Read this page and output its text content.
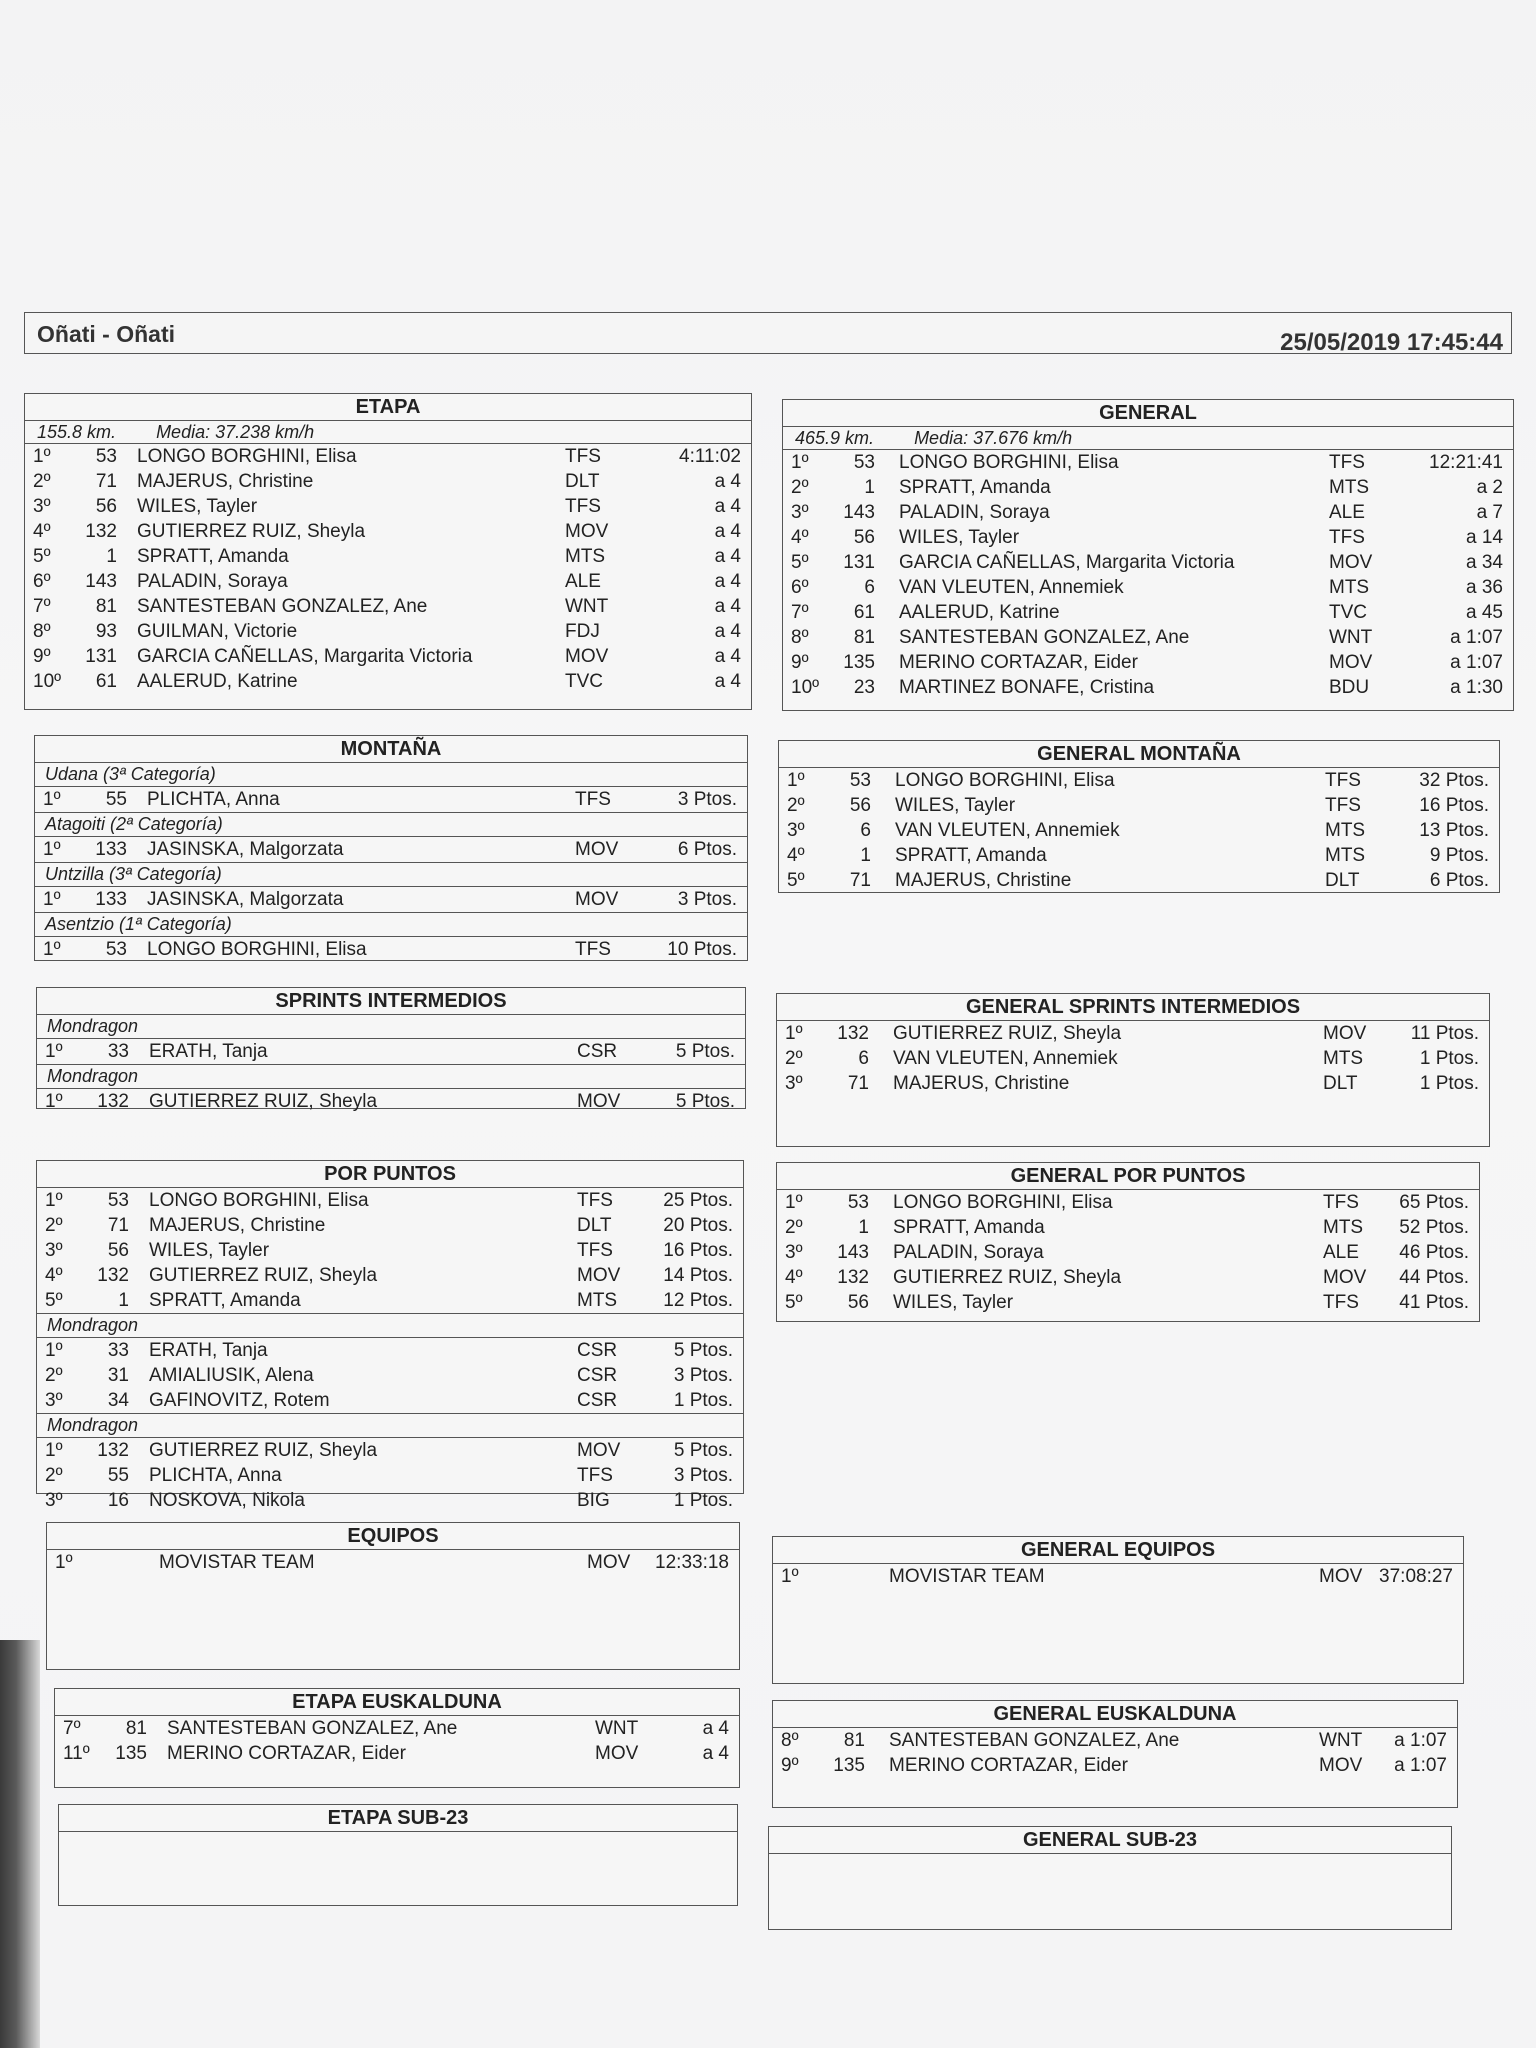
Oñati - Oñati	25/05/2019 17:45:44
ETAPA
155.8 km. Media: 37.238 km/h
1º	53 LONGO BORGHINI, Elisa	TFS	4:11:02
2º	71 MAJERUS, Christine	DLT	a 4
3º	56 WILES, Tayler	TFS	a 4
4º	132 GUTIERREZ RUIZ, Sheyla	MOV	a 4
5º	1 SPRATT, Amanda	MTS	a 4
6º	143 PALADIN, Soraya	ALE	a 4
7º	81 SANTESTEBAN GONZALEZ, Ane	WNT	a 4
8º	93 GUILMAN, Victorie	FDJ	a 4
9º	131 GARCIA CAÑELLAS, Margarita Victoria	MOV	a 4
10º	61 AALERUD, Katrine	TVC	a 4
GENERAL
465.9 km. Media: 37.676 km/h
1º	53 LONGO BORGHINI, Elisa	TFS	12:21:41
2º	1 SPRATT, Amanda	MTS	a 2
3º	143 PALADIN, Soraya	ALE	a 7
4º	56 WILES, Tayler	TFS	a 14
5º	131 GARCIA CAÑELLAS, Margarita Victoria	MOV	a 34
6º	6 VAN VLEUTEN, Annemiek	MTS	a 36
7º	61 AALERUD, Katrine	TVC	a 45
8º	81 SANTESTEBAN GONZALEZ, Ane	WNT	a 1:07
9º	135 MERINO CORTAZAR, Eider	MOV	a 1:07
10º	23 MARTINEZ BONAFE, Cristina	BDU	a 1:30
MONTAÑA
Udana (3ª Categoría)
1º	55 PLICHTA, Anna	TFS	3 Ptos.
Atagoiti (2ª Categoría)
1º	133 JASINSKA, Malgorzata	MOV	6 Ptos.
Untzilla (3ª Categoría)
1º	133 JASINSKA, Malgorzata	MOV	3 Ptos.
Asentzio (1ª Categoría)
1º	53 LONGO BORGHINI, Elisa	TFS	10 Ptos.
GENERAL MONTAÑA
1º	53 LONGO BORGHINI, Elisa	TFS	32 Ptos.
2º	56 WILES, Tayler	TFS	16 Ptos.
3º	6 VAN VLEUTEN, Annemiek	MTS	13 Ptos.
4º	1 SPRATT, Amanda	MTS	9 Ptos.
5º	71 MAJERUS, Christine	DLT	6 Ptos.
SPRINTS INTERMEDIOS
Mondragon
1º	33 ERATH, Tanja	CSR	5 Ptos.
Mondragon
1º	132 GUTIERREZ RUIZ, Sheyla	MOV	5 Ptos.
GENERAL SPRINTS INTERMEDIOS
1º	132 GUTIERREZ RUIZ, Sheyla	MOV 11 Ptos.
2º	6 VAN VLEUTEN, Annemiek	MTS	1 Ptos.
3º	71 MAJERUS, Christine	DLT	1 Ptos.
POR PUNTOS
1º	53 LONGO BORGHINI, Elisa	TFS	25 Ptos.
2º	71 MAJERUS, Christine	DLT	20 Ptos.
3º	56 WILES, Tayler	TFS	16 Ptos.
4º	132 GUTIERREZ RUIZ, Sheyla	MOV 14 Ptos.
5º	1 SPRATT, Amanda	MTS 12 Ptos.
Mondragon
1º	33 ERATH, Tanja	CSR	5 Ptos.
2º	31 AMIALIUSIK, Alena	CSR	3 Ptos.
3º	34 GAFINOVITZ, Rotem	CSR	1 Ptos.
Mondragon
1º	132 GUTIERREZ RUIZ, Sheyla	MOV	5 Ptos.
2º	55 PLICHTA, Anna	TFS	3 Ptos.
3º	16 NOSKOVA, Nikola	BIG	1 Ptos.
GENERAL POR PUNTOS
1º	53 LONGO BORGHINI, Elisa	TFS 65 Ptos.
2º	1 SPRATT, Amanda	MTS 52 Ptos.
3º	143 PALADIN, Soraya	ALE 46 Ptos.
4º	132 GUTIERREZ RUIZ, Sheyla	MOV 44 Ptos.
5º	56 WILES, Tayler	TFS 41 Ptos.
EQUIPOS
1º	MOVISTAR TEAM	MOV 12:33:18
GENERAL EQUIPOS
1º	MOVISTAR TEAM	MOV 37:08:27
ETAPA EUSKALDUNA
7º	81 SANTESTEBAN GONZALEZ, Ane	WNT	a 4
11º	135 MERINO CORTAZAR, Eider	MOV	a 4
GENERAL EUSKALDUNA
8º	81 SANTESTEBAN GONZALEZ, Ane	WNT a 1:07
9º	135 MERINO CORTAZAR, Eider	MOV a 1:07
ETAPA SUB-23
GENERAL SUB-23
